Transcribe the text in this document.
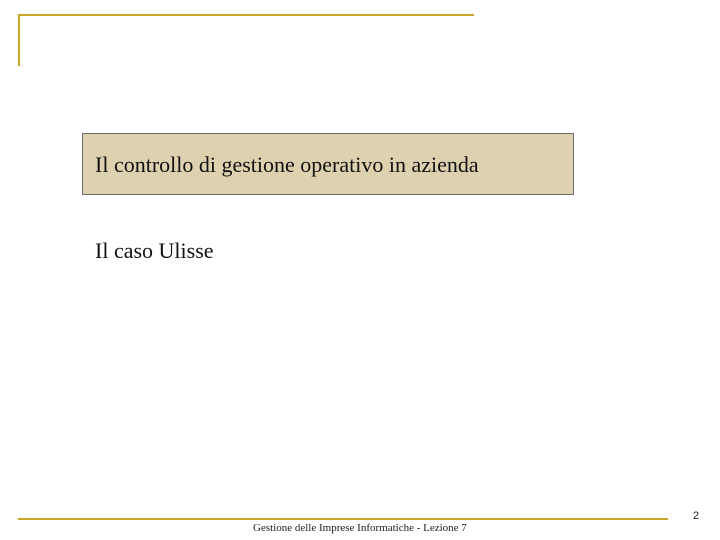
Il controllo di gestione operativo in azienda
Il caso Ulisse
Gestione delle Imprese Informatiche - Lezione 7
2
